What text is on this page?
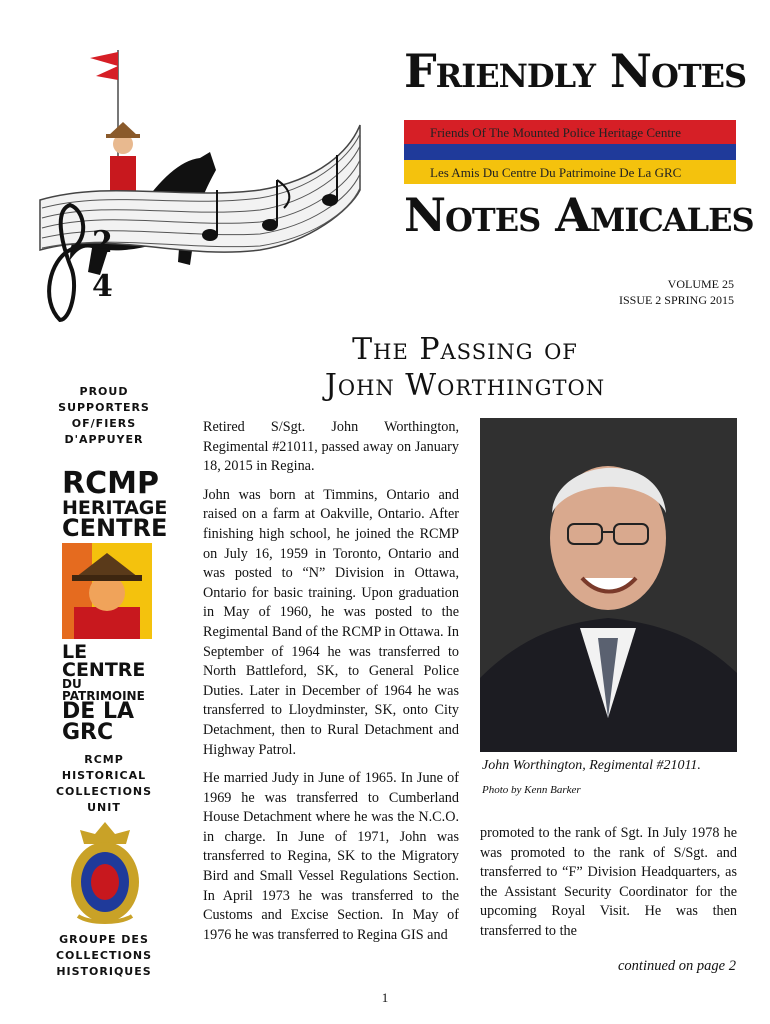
2
4
Friendly Notes
Friends Of The Mounted Police Heritage Centre
Les Amis Du Centre Du Patrimoine De La GRC
Notes Amicales
VOLUME 25
ISSUE 2 SPRING 2015
The Passing of
John Worthington
PROUD SUPPORTERS OF/FIERS D'APPUYER
RCMP
HERITAGE
CENTRE
LE CENTRE
DU PATRIMOINE
DE LA GRC
RCMP HISTORICAL COLLECTIONS UNIT
GROUPE DES COLLECTIONS HISTORIQUES

Retired S/Sgt. John Worthington, Regimental #21011, passed away on January 18, 2015 in Regina.

John was born at Timmins, Ontario and raised on a farm at Oakville, Ontario. After finishing high school, he joined the RCMP on July 16, 1959 in Toronto, Ontario and was posted to “N” Division in Ottawa, Ontario for basic training. Upon graduation in May of 1960, he was posted to the Regimental Band of the RCMP in Ottawa. In September of 1964 he was transferred to North Battleford, SK, to General Police Duties. Later in December of 1964 he was transferred to Lloydminster, SK, onto City Detachment, then to Rural Detachment and Highway Patrol.

He married Judy in June of 1965. In June of 1969 he was transferred to Cumberland House Detachment where he was the N.C.O. in charge. In June of 1971, John was transferred to Regina, SK to the Migratory Bird and Small Vessel Regulations Section. In April 1973 he was transferred to the Customs and Excise Section. In May of 1976 he was transferred to Regina GIS and

John Worthington, Regimental #21011.
Photo by Kenn Barker

promoted to the rank of Sgt. In July 1978 he was promoted to the rank of S/Sgt. and transferred to “F” Division Headquarters, as the Assistant Security Coordinator for the upcoming Royal Visit. He was then transferred to the

continued on page 2
1
